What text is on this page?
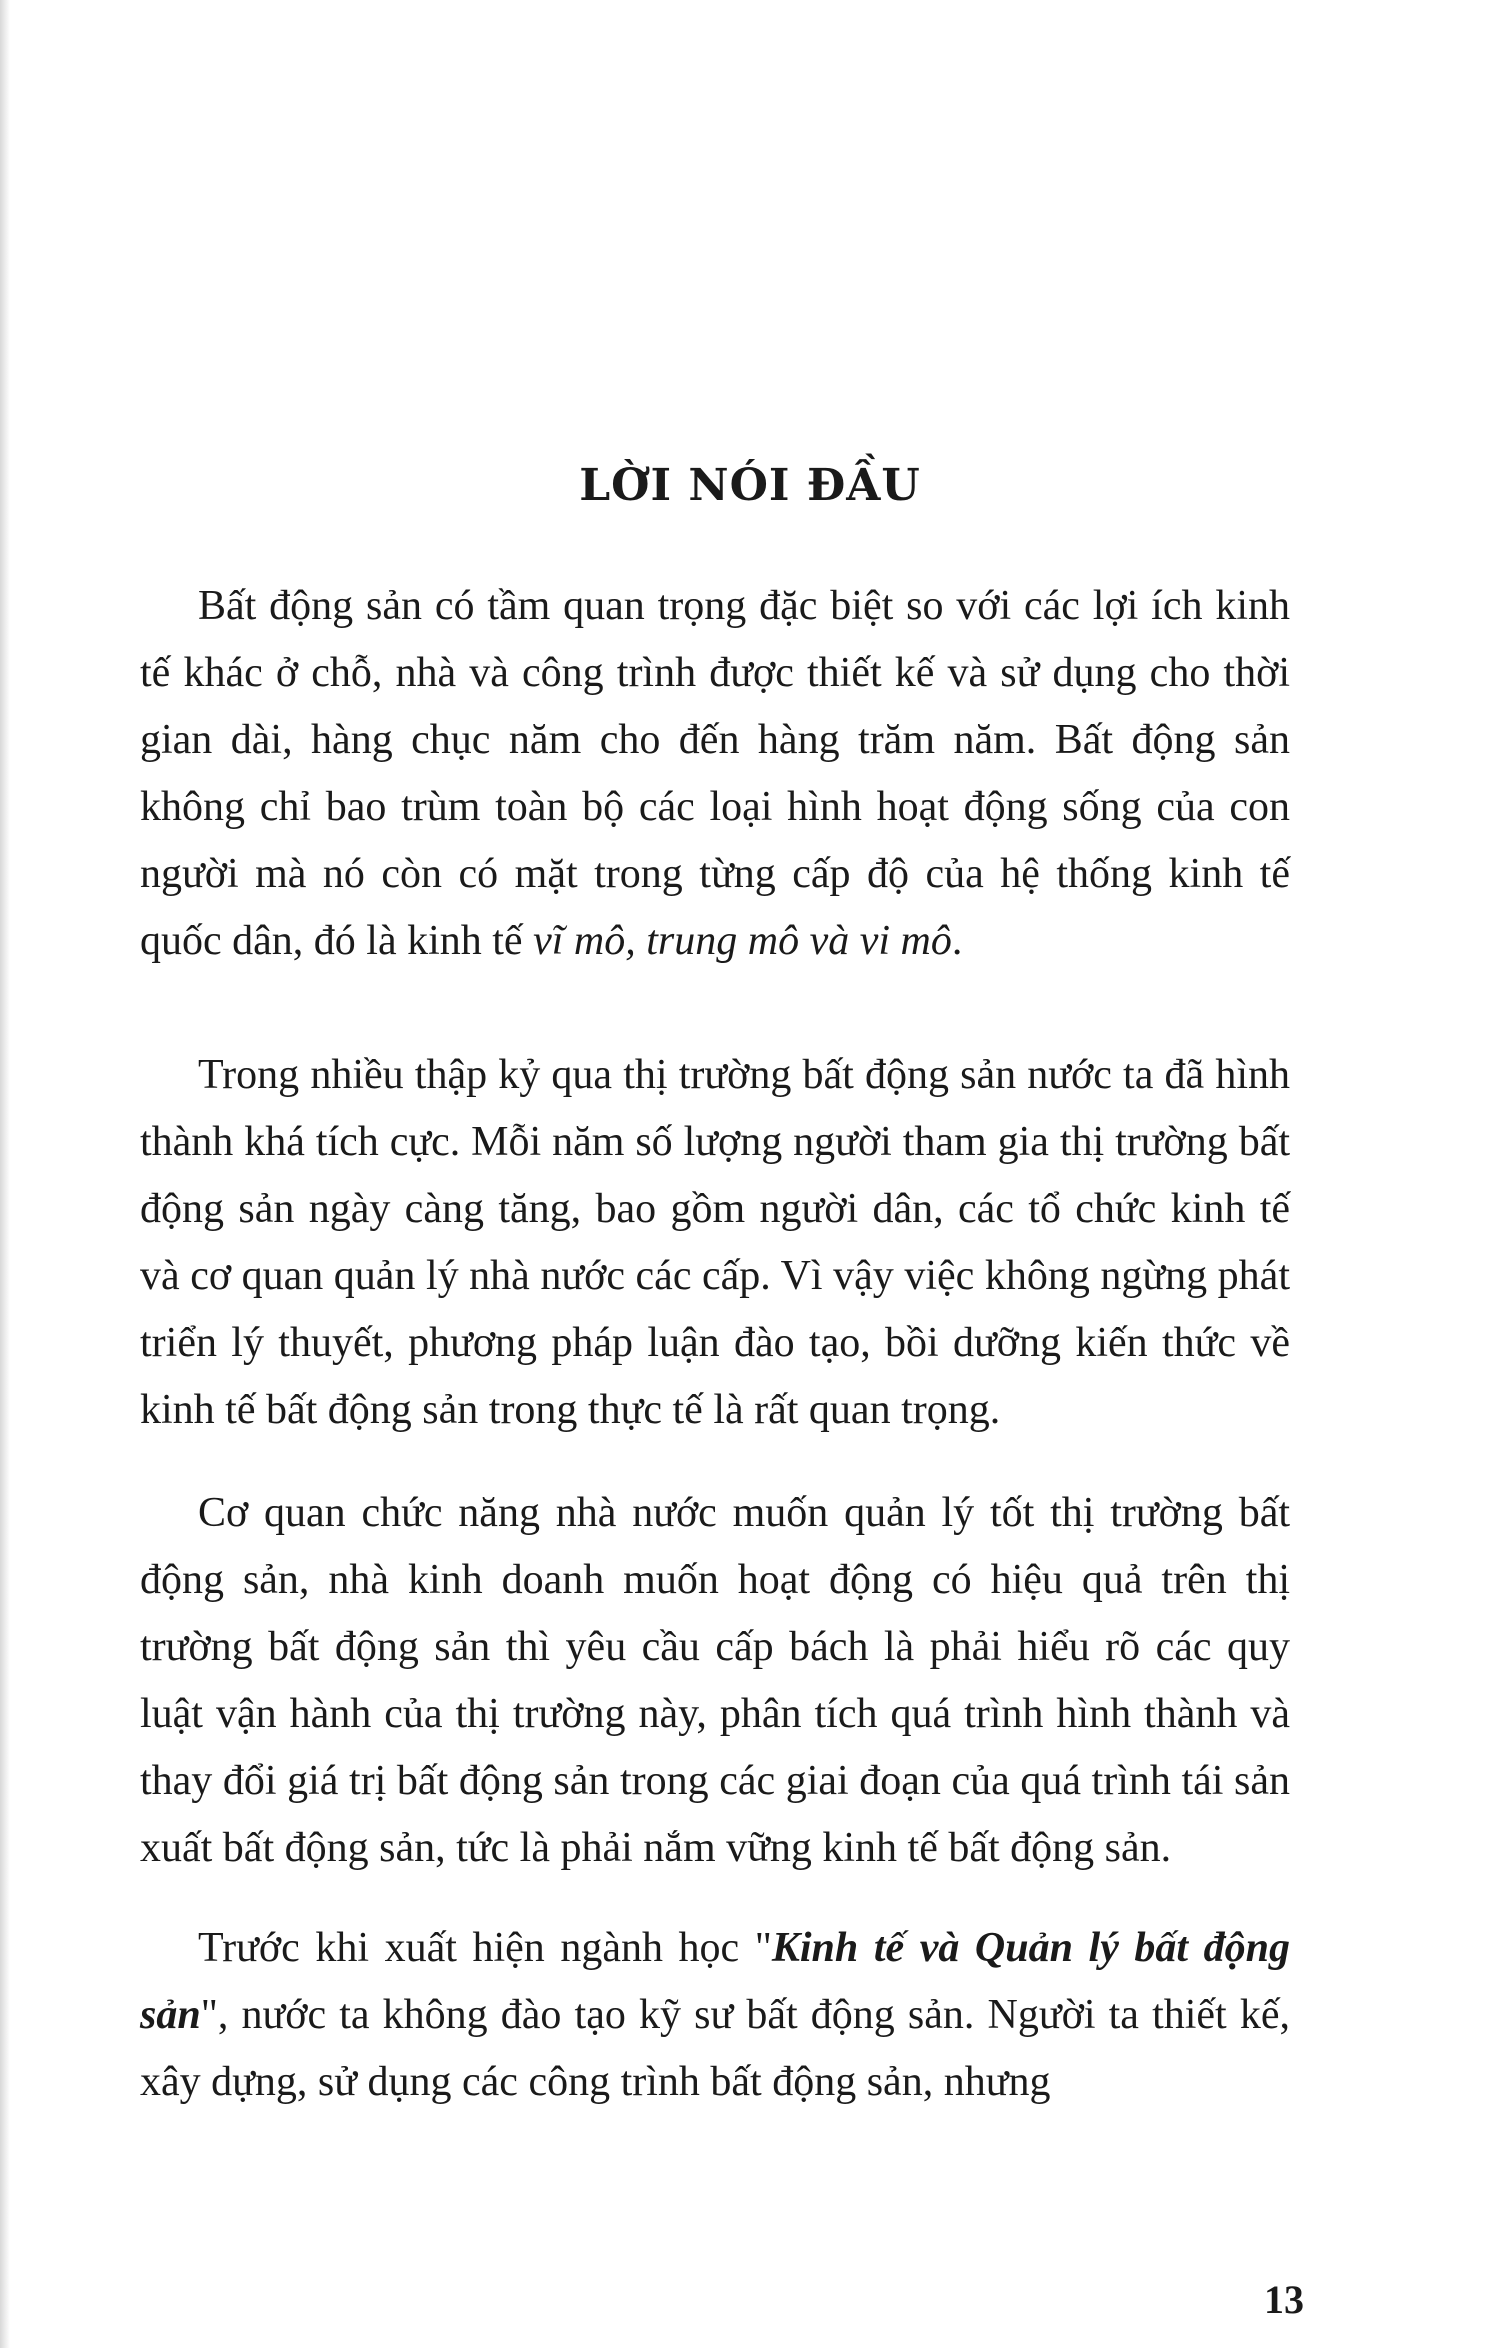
LỜI NÓI ĐẦU
Bất động sản có tầm quan trọng đặc biệt so với các lợi ích kinh tế khác ở chỗ, nhà và công trình được thiết kế và sử dụng cho thời gian dài, hàng chục năm cho đến hàng trăm năm. Bất động sản không chỉ bao trùm toàn bộ các loại hình hoạt động sống của con người mà nó còn có mặt trong từng cấp độ của hệ thống kinh tế quốc dân, đó là kinh tế vĩ mô, trung mô và vi mô.
Trong nhiều thập kỷ qua thị trường bất động sản nước ta đã hình thành khá tích cực. Mỗi năm số lượng người tham gia thị trường bất động sản ngày càng tăng, bao gồm người dân, các tổ chức kinh tế và cơ quan quản lý nhà nước các cấp. Vì vậy việc không ngừng phát triển lý thuyết, phương pháp luận đào tạo, bồi dưỡng kiến thức về kinh tế bất động sản trong thực tế là rất quan trọng.
Cơ quan chức năng nhà nước muốn quản lý tốt thị trường bất động sản, nhà kinh doanh muốn hoạt động có hiệu quả trên thị trường bất động sản thì yêu cầu cấp bách là phải hiểu rõ các quy luật vận hành của thị trường này, phân tích quá trình hình thành và thay đổi giá trị bất động sản trong các giai đoạn của quá trình tái sản xuất bất động sản, tức là phải nắm vững kinh tế bất động sản.
Trước khi xuất hiện ngành học "Kinh tế và Quản lý bất động sản", nước ta không đào tạo kỹ sư bất động sản. Người ta thiết kế, xây dựng, sử dụng các công trình bất động sản, nhưng
13
